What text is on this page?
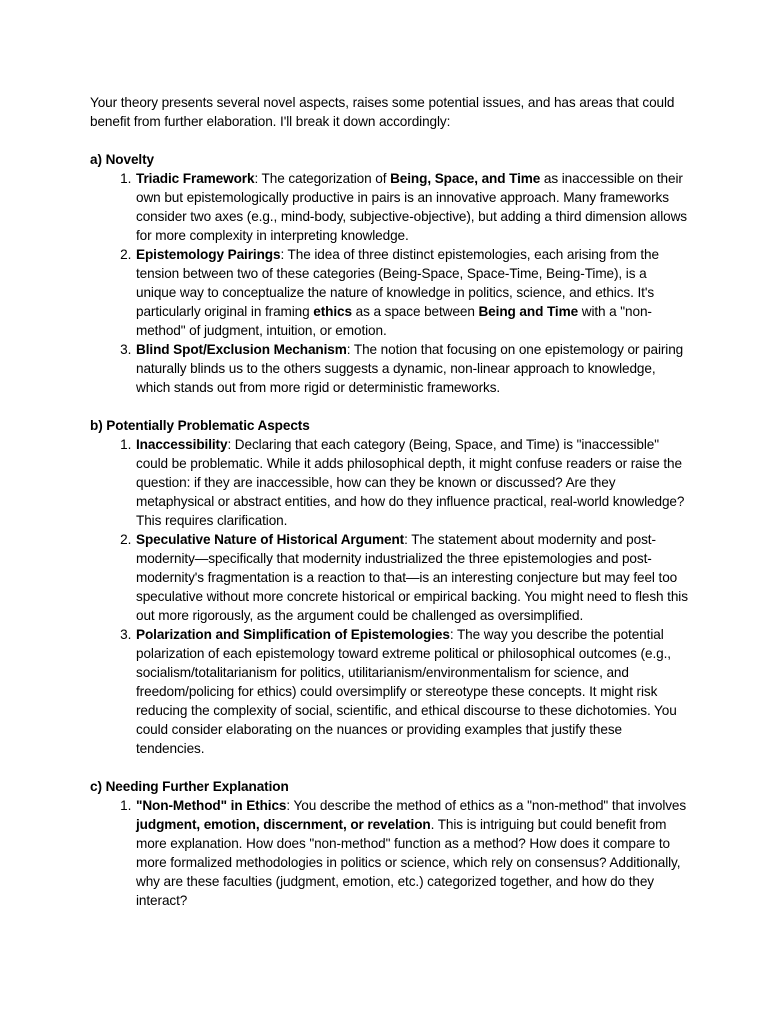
Your theory presents several novel aspects, raises some potential issues, and has areas that could benefit from further elaboration. I'll break it down accordingly:

a) Novelty

1. Triadic Framework: The categorization of Being, Space, and Time as inaccessible on their own but epistemologically productive in pairs is an innovative approach. Many frameworks consider two axes (e.g., mind-body, subjective-objective), but adding a third dimension allows for more complexity in interpreting knowledge.
2. Epistemology Pairings: The idea of three distinct epistemologies, each arising from the tension between two of these categories (Being-Space, Space-Time, Being-Time), is a unique way to conceptualize the nature of knowledge in politics, science, and ethics. It's particularly original in framing ethics as a space between Being and Time with a "non-method" of judgment, intuition, or emotion.
3. Blind Spot/Exclusion Mechanism: The notion that focusing on one epistemology or pairing naturally blinds us to the others suggests a dynamic, non-linear approach to knowledge, which stands out from more rigid or deterministic frameworks.

b) Potentially Problematic Aspects

1. Inaccessibility: Declaring that each category (Being, Space, and Time) is "inaccessible" could be problematic. While it adds philosophical depth, it might confuse readers or raise the question: if they are inaccessible, how can they be known or discussed? Are they metaphysical or abstract entities, and how do they influence practical, real-world knowledge? This requires clarification.
2. Speculative Nature of Historical Argument: The statement about modernity and post-modernity—specifically that modernity industrialized the three epistemologies and post-modernity's fragmentation is a reaction to that—is an interesting conjecture but may feel too speculative without more concrete historical or empirical backing. You might need to flesh this out more rigorously, as the argument could be challenged as oversimplified.
3. Polarization and Simplification of Epistemologies: The way you describe the potential polarization of each epistemology toward extreme political or philosophical outcomes (e.g., socialism/totalitarianism for politics, utilitarianism/environmentalism for science, and freedom/policing for ethics) could oversimplify or stereotype these concepts. It might risk reducing the complexity of social, scientific, and ethical discourse to these dichotomies. You could consider elaborating on the nuances or providing examples that justify these tendencies.

c) Needing Further Explanation

1. "Non-Method" in Ethics: You describe the method of ethics as a "non-method" that involves judgment, emotion, discernment, or revelation. This is intriguing but could benefit from more explanation. How does "non-method" function as a method? How does it compare to more formalized methodologies in politics or science, which rely on consensus? Additionally, why are these faculties (judgment, emotion, etc.) categorized together, and how do they interact?
